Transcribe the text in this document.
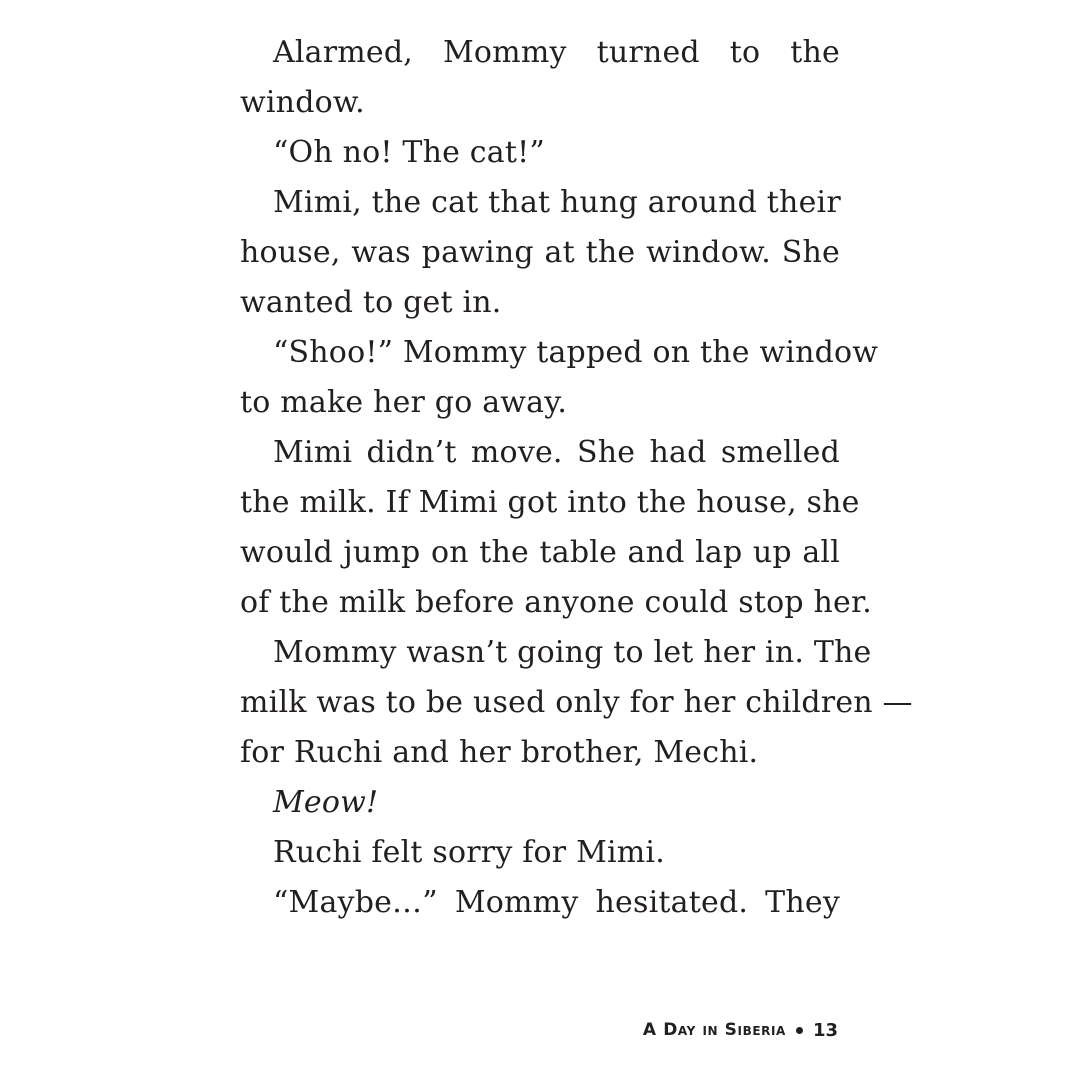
Alarmed, Mommy turned to the
window.
“Oh no! The cat!”
Mimi, the cat that hung around their
house, was pawing at the window. She
wanted to get in.
“Shoo!” Mommy tapped on the window
to make her go away.
Mimi didn’t move. She had smelled
the milk. If Mimi got into the house, she
would jump on the table and lap up all
of the milk before anyone could stop her.
Mommy wasn’t going to let her in. The
milk was to be used only for her children —
for Ruchi and her brother, Mechi.
Meow!
Ruchi felt sorry for Mimi.
“Maybe…” Mommy hesitated. They
A Day in Siberia 13
